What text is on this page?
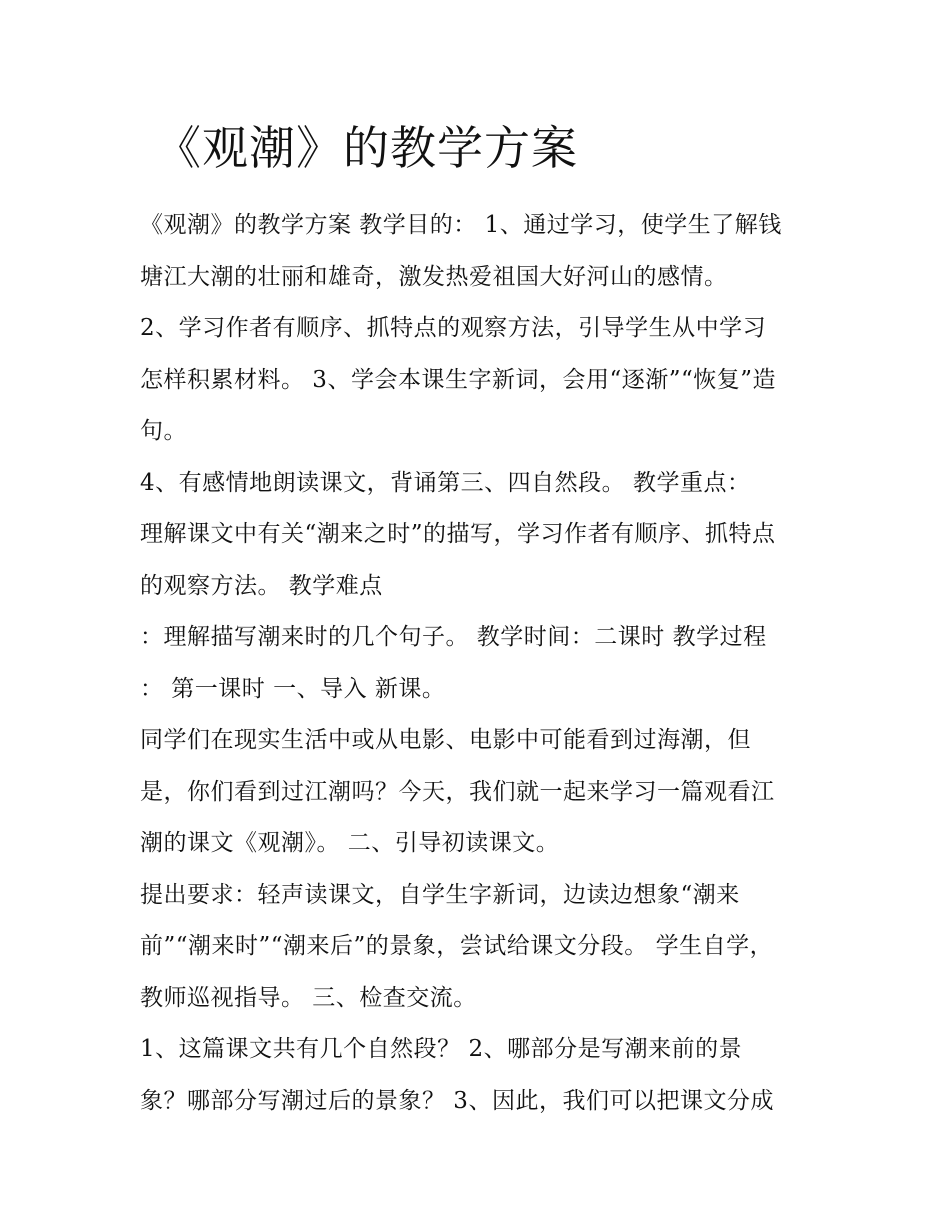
《观潮》的教学方案
《观潮》的教学方案 教学目的： 1、通过学习，使学生了解钱
塘江大潮的壮丽和雄奇，激发热爱祖国大好河山的感情。
2、学习作者有顺序、抓特点的观察方法，引导学生从中学习
怎样积累材料。 3、学会本课生字新词，会用“逐渐”“恢复”造
句。
4、有感情地朗读课文，背诵第三、四自然段。 教学重点：
理解课文中有关“潮来之时”的描写，学习作者有顺序、抓特点
的观察方法。 教学难点
：理解描写潮来时的几个句子。 教学时间：二课时 教学过程
： 第一课时 一、导入 新课。
同学们在现实生活中或从电影、电影中可能看到过海潮，但
是，你们看到过江潮吗？今天，我们就一起来学习一篇观看江
潮的课文《观潮》。 二、引导初读课文。
提出要求：轻声读课文，自学生字新词，边读边想象“潮来
前”“潮来时”“潮来后”的景象，尝试给课文分段。 学生自学，
教师巡视指导。 三、检查交流。
1、这篇课文共有几个自然段？ 2、哪部分是写潮来前的景
象？哪部分写潮过后的景象？ 3、因此，我们可以把课文分成
